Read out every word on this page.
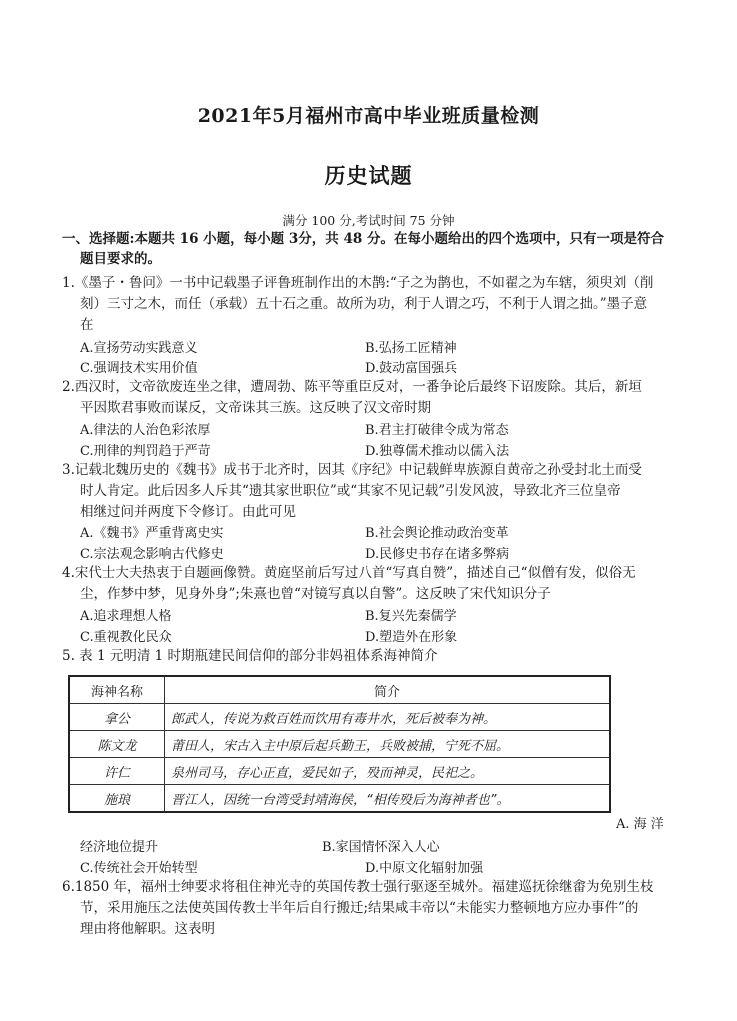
2021年5月福州市高中毕业班质量检测
历史试题
满分 100 分,考试时间 75 分钟
一、选择题:本题共 16 小题，每小题 3分，共 48 分。在每小题给出的四个选项中，只有一项是符合
题目要求的。
1.《墨子・鲁问》一书中记载墨子评鲁班制作出的木鹊:“子之为鹊也，不如翟之为车辖，须臾刘（削
刻）三寸之木，而任（承载）五十石之重。故所为功，利于人谓之巧，不利于人谓之拙。”墨子意
在
A.宣扬劳动实践意义	B.弘扬工匠精神
C.强调技术实用价值	D.鼓动富国强兵
2.西汉时，文帝欲废连坐之律，遭周勃、陈平等重臣反对，一番争论后最终下诏废除。其后，新垣
平因欺君事败而谋反，文帝诛其三族。这反映了汉文帝时期
A.律法的人治色彩浓厚	B.君主打破律令成为常态
C.刑律的判罚趋于严苛	D.独尊儒术推动以儒入法
3.记载北魏历史的《魏书》成书于北齐时，因其《序纪》中记载鲜卑族源自黄帝之孙受封北土而受
时人肯定。此后因多人斥其“遗其家世职位”或“其家不见记载”引发风波，导致北齐三位皇帝
相继过问并两度下令修订。由此可见
A.《魏书》严重背离史实	B.社会舆论推动政治变革
C.宗法观念影响古代修史	D.民修史书存在诸多弊病
4.宋代士大夫热衷于自题画像赞。黄庭坚前后写过八首“写真自赞”，描述自己“似僧有发，似俗无
尘，作梦中梦，见身外身”;朱熹也曾“对镜写真以自警”。这反映了宋代知识分子
A.追求理想人格	B.复兴先秦儒学
C.重视教化民众	D.塑造外在形象
5. 表 1 元明清 1 时期瓶建民间信仰的部分非妈祖体系海神简介
海神名称	简介
拿公	郎武人，传说为救百姓而饮用有毒井水，死后被奉为神。
陈文龙	莆田人，宋古入主中原后起兵勤王，兵败被捕，宁死不屈。
许仁	泉州司马，存心正直，爱民如子，殁而神灵，民祀之。
施琅	晋江人，因统一台湾受封靖海侯，“相传殁后为海神者也”。
A. 海 洋
经济地位提升	B.家国情怀深入人心
C.传统社会开始转型	D.中原文化辐射加强
6.1850 年，福州士绅要求将租住神光寺的英国传教士强行驱逐至城外。福建巡抚徐继畬为免别生枝
节，采用施压之法使英国传教士半年后自行搬迁;结果咸丰帝以“未能实力整顿地方应办事件”的
理由将他解职。这表明
